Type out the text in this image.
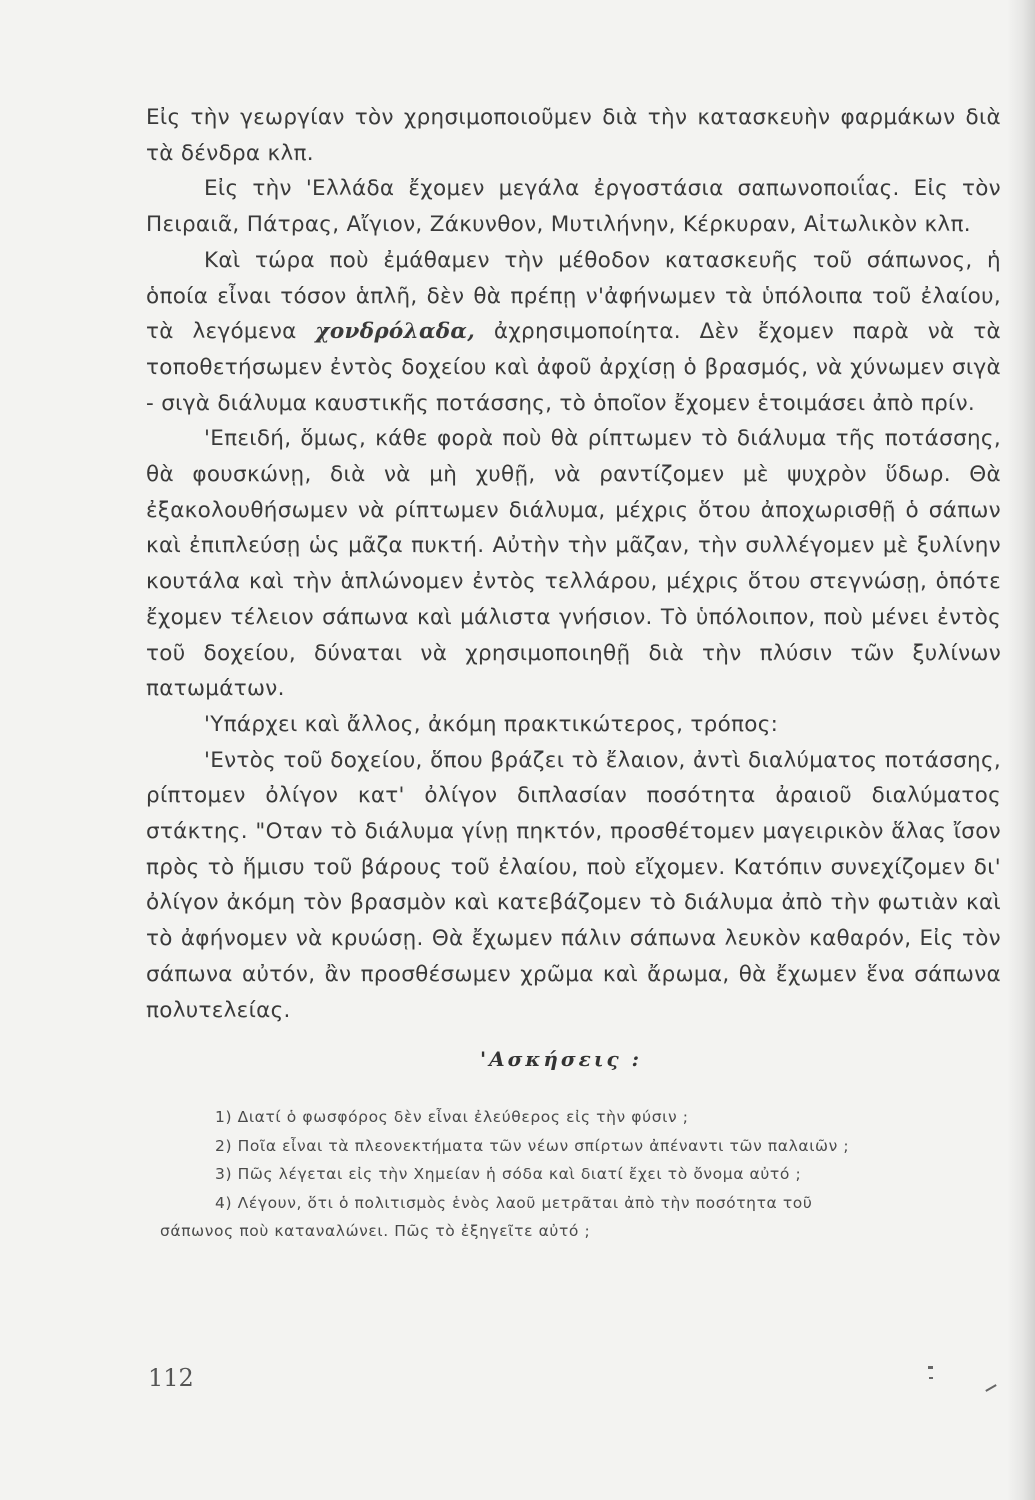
Εἰς τὴν γεωργίαν τὸν χρησιμοποιοῦμεν διὰ τὴν κατασκευὴν φαρμάκων διὰ τὰ δένδρα κλπ.

Εἰς τὴν 'Ελλάδα ἔχομεν μεγάλα ἐργοστάσια σαπωνοποιΐας. Εἰς τὸν Πειραιᾶ, Πάτρας, Αἴγιον, Ζάκυνθον, Μυτιλήνην, Κέρκυραν, Αἰτωλικὸν κλπ.

Καὶ τώρα ποὺ ἐμάθαμεν τὴν μέθοδον κατασκευῆς τοῦ σάπωνος, ἡ ὁποία εἶναι τόσον ἁπλῆ, δὲν θὰ πρέπῃ ν'ἀφήνωμεν τὰ ὑπόλοιπα τοῦ ἐλαίου, τὰ λεγόμενα χονδρόλαδα, ἀχρησιμοποίητα. Δὲν ἔχομεν παρὰ νὰ τὰ τοποθετήσωμεν ἐντὸς δοχείου καὶ ἀφοῦ ἀρχίσῃ ὁ βρασμός, νὰ χύνωμεν σιγὰ - σιγὰ διάλυμα καυστικῆς ποτάσσης, τὸ ὁποῖον ἔχομεν ἑτοιμάσει ἀπὸ πρίν.

'Επειδή, ὅμως, κάθε φορὰ ποὺ θὰ ρίπτωμεν τὸ διάλυμα τῆς ποτάσσης, θὰ φουσκώνῃ, διὰ νὰ μὴ χυθῇ, νὰ ραντίζομεν μὲ ψυχρὸν ὕδωρ. Θὰ ἐξακολουθήσωμεν νὰ ρίπτωμεν διάλυμα, μέχρις ὅτου ἀποχωρισθῇ ὁ σάπων καὶ ἐπιπλεύσῃ ὡς μᾶζα πυκτή. Αὐτὴν τὴν μᾶζαν, τὴν συλλέγομεν μὲ ξυλίνην κουτάλα καὶ τὴν ἁπλώνομεν ἐντὸς τελλάρου, μέχρις ὅτου στεγνώσῃ, ὁπότε ἔχομεν τέλειον σάπωνα καὶ μάλιστα γνήσιον. Τὸ ὑπόλοιπον, ποὺ μένει ἐντὸς τοῦ δοχείου, δύναται νὰ χρησιμοποιηθῇ διὰ τὴν πλύσιν τῶν ξυλίνων πατωμάτων.

'Υπάρχει καὶ ἄλλος, ἀκόμη πρακτικώτερος, τρόπος:

'Εντὸς τοῦ δοχείου, ὅπου βράζει τὸ ἔλαιον, ἀντὶ διαλύματος ποτάσσης, ρίπτομεν ὀλίγον κατ' ὀλίγον διπλασίαν ποσότητα ἀραιοῦ διαλύματος στάκτης. "Οταν τὸ διάλυμα γίνῃ πηκτόν, προσθέτομεν μαγειρικὸν ἅλας ἴσον πρὸς τὸ ἥμισυ τοῦ βάρους τοῦ ἐλαίου, ποὺ εἴχομεν. Κατόπιν συνεχίζομεν δι' ὀλίγον ἀκόμη τὸν βρασμὸν καὶ κατεβάζομεν τὸ διάλυμα ἀπὸ τὴν φωτιὰν καὶ τὸ ἀφήνομεν νὰ κρυώσῃ. Θὰ ἔχωμεν πάλιν σάπωνα λευκὸν καθαρόν, Εἰς τὸν σάπωνα αὐτόν, ἂν προσθέσωμεν χρῶμα καὶ ἄρωμα, θὰ ἔχωμεν ἕνα σάπωνα πολυτελείας.

'Ασκήσεις :
1) Διατί ὁ φωσφόρος δὲν εἶναι ἐλεύθερος εἰς τὴν φύσιν ;
2) Ποῖα εἶναι τὰ πλεονεκτήματα τῶν νέων σπίρτων ἀπέναντι τῶν παλαιῶν ;
3) Πῶς λέγεται εἰς τὴν Χημείαν ἡ σόδα καὶ διατί ἔχει τὸ ὄνομα αὐτό ;
4) Λέγουν, ὅτι ὁ πολιτισμὸς ἑνὸς λαοῦ μετρᾶται ἀπὸ τὴν ποσότητα τοῦ
σάπωνος ποὺ καταναλώνει. Πῶς τὸ ἐξηγεῖτε αὐτό ;
112
